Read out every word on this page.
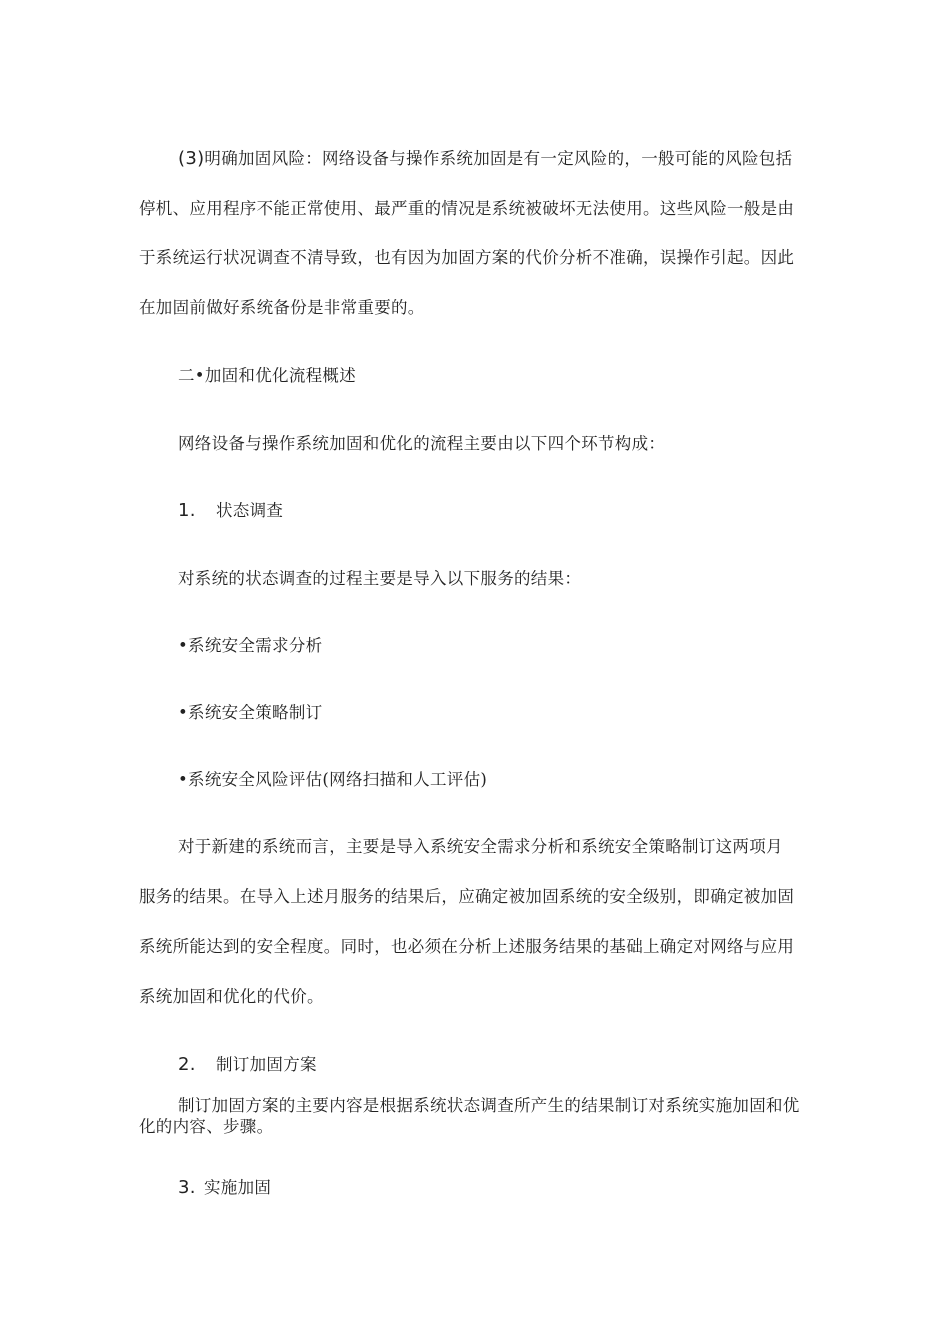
(3)明确加固风险：网络设备与操作系统加固是有一定风险的，一般可能的风险包括
停机、应用程序不能正常使用、最严重的情况是系统被破坏无法使用。这些风险一般是由
于系统运行状况调查不清导致，也有因为加固方案的代价分析不准确，误操作引起。因此
在加固前做好系统备份是非常重要的。
二•加固和优化流程概述
网络设备与操作系统加固和优化的流程主要由以下四个环节构成：
1. 状态调查
对系统的状态调查的过程主要是导入以下服务的结果：
•系统安全需求分析
•系统安全策略制订
•系统安全风险评估(网络扫描和人工评估)
对于新建的系统而言，主要是导入系统安全需求分析和系统安全策略制订这两项月
服务的结果。在导入上述月服务的结果后，应确定被加固系统的安全级别，即确定被加固
系统所能达到的安全程度。同时，也必须在分析上述服务结果的基础上确定对网络与应用
系统加固和优化的代价。
2. 制订加固方案
制订加固方案的主要内容是根据系统状态调查所产生的结果制订对系统实施加固和优
化的内容、步骤。
3. 实施加固
